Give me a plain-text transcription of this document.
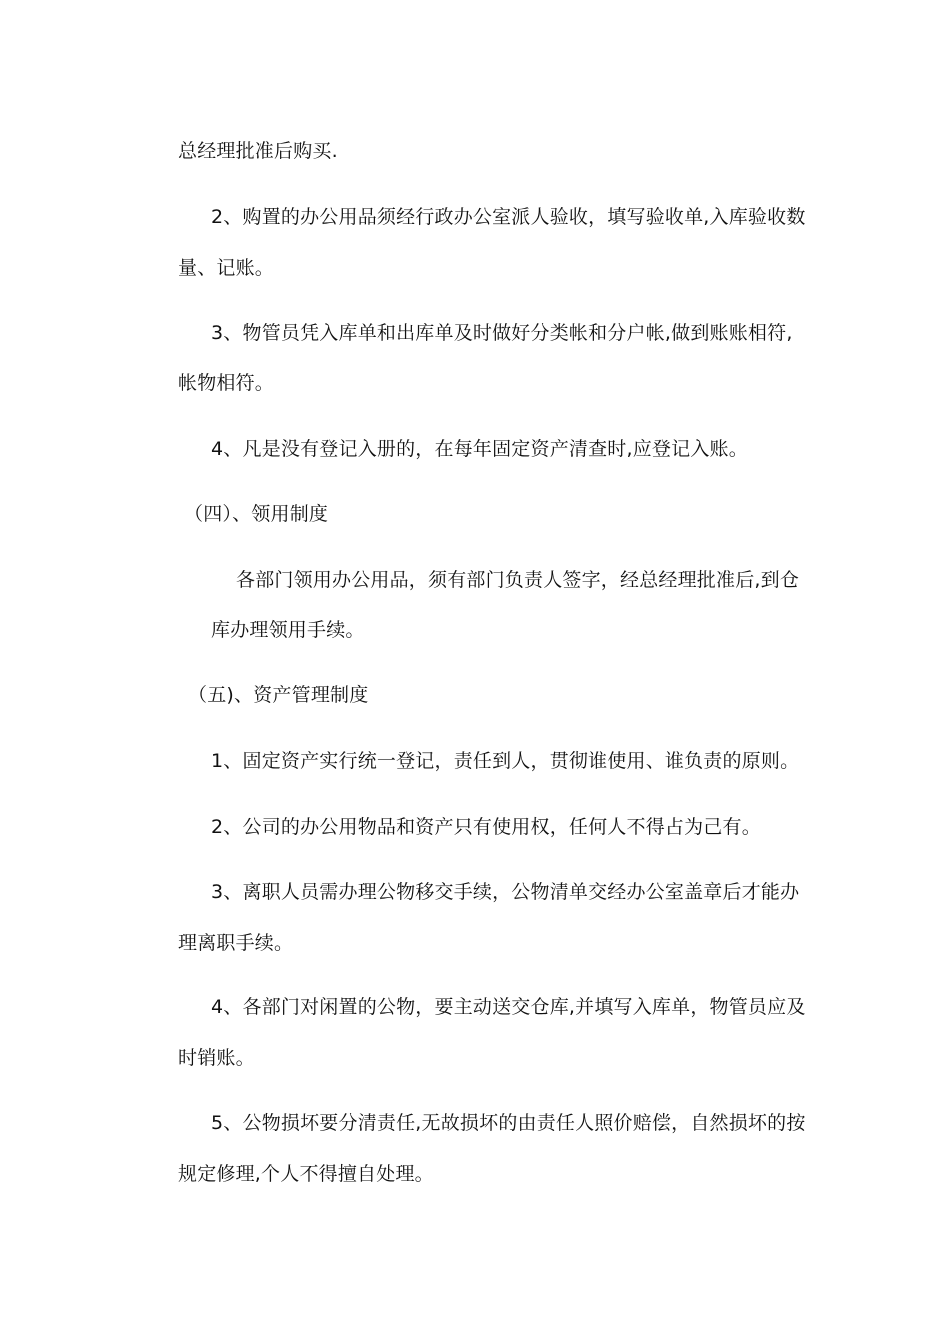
总经理批准后购买.
2、购置的办公用品须经行政办公室派人验收，填写验收单,入库验收数
量、记账。
3、物管员凭入库单和出库单及时做好分类帐和分户帐,做到账账相符,
帐物相符。
4、凡是没有登记入册的，在每年固定资产清查时,应登记入账。
（四）、领用制度
各部门领用办公用品，须有部门负责人签字，经总经理批准后,到仓
库办理领用手续。
（五)、资产管理制度
1、固定资产实行统一登记，责任到人，贯彻谁使用、谁负责的原则。
2、公司的办公用物品和资产只有使用权，任何人不得占为己有。
3、离职人员需办理公物移交手续，公物清单交经办公室盖章后才能办
理离职手续。
4、各部门对闲置的公物，要主动送交仓库,并填写入库单，物管员应及
时销账。
5、公物损坏要分清责任,无故损坏的由责任人照价赔偿，自然损坏的按
规定修理,个人不得擅自处理。
